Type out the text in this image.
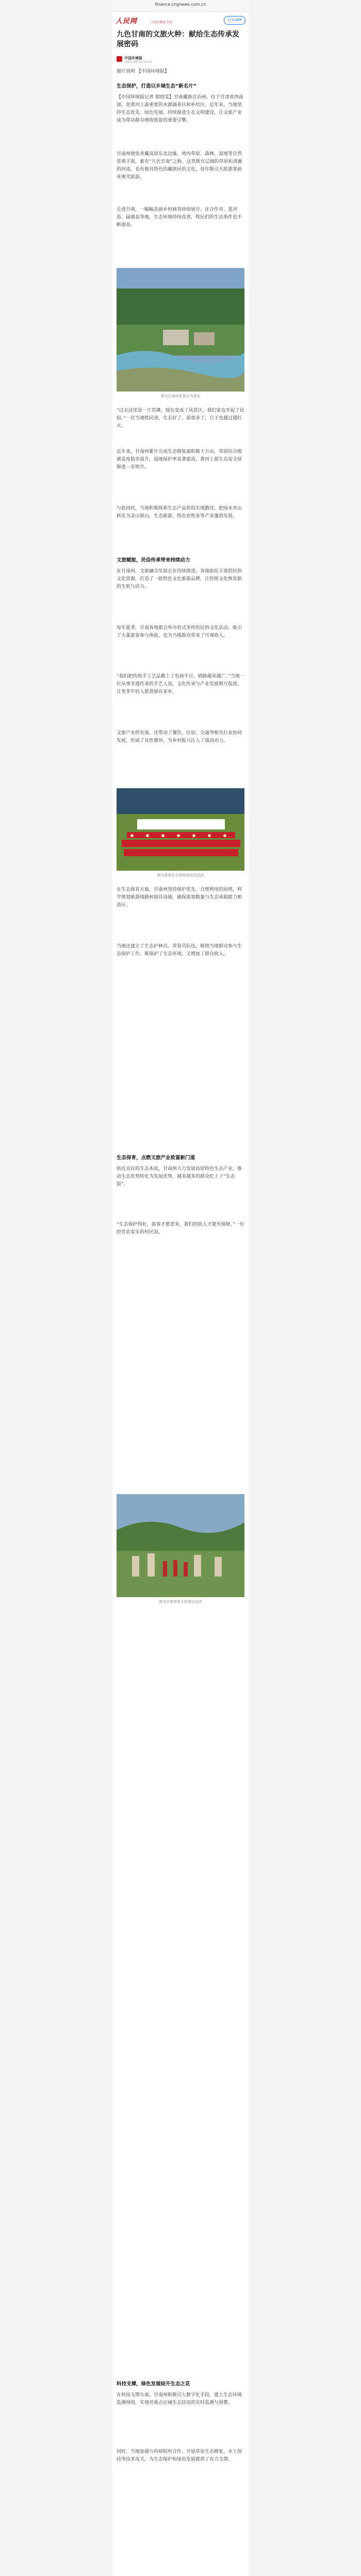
finance.cngnews.com.cn
人民网	人民日报社主办
打开APP
九色甘南的文旅火种：献给生态传承发展密码
中国环境报
2023-08-22 09:20

图片说明 【中国环境报】

生态保护，打造以乡域生态“新名片”

【中国环境报记者 郭晓雯】甘南藏族自治州，位于甘肃省西南部，是黄河上游重要的水源涵养区和补给区。近年来，当地坚持生态优先、绿色发展，持续推进生态文明建设，让文旅产业成为带动群众增收致富的重要引擎。

甘南州地处青藏高原东北边缘，境内草原、森林、湿地等自然景观丰富，素有“九色甘南”之称。这里既有辽阔的草原和清澈的河流，也有独具特色的藏族民俗文化，每年吸引大批游客前来观光旅游。

走进甘南，一幅幅美丽乡村画卷徐徐展开。在合作市、夏河县、碌曲县等地，生态环境持续改善，牧民们的生活条件也不断提高。

图为甘南州某景区内景色

“过去这里是一片荒滩，现在变成了风景区，我们家也开起了民宿。”一位当地牧民说，生态好了，游客多了，日子也越过越红火。

近年来，甘南州累计完成生态修复面积数十万亩，草原综合植被盖度稳步提升，湿地保护率显著提高，黄河上游生态安全屏障进一步筑牢。

与此同时，当地积极探索生态产品价值实现路径，把绿水青山转化为金山银山，生态旅游、特色农牧业等产业蓬勃发展。

文旅赋能，民俗传承带来持续动力

在甘南州，文旅融合发展正在持续推进。各地依托丰富的民俗文化资源，打造了一批特色文化旅游品牌，让传统文化焕发新的生机与活力。

每年夏季，甘南各地都会举办形式多样的民俗文化活动，吸引了大量游客参与体验，也为当地群众带来了可观收入。

“我们把传统手工艺品搬上了电商平台，销路越来越广。”当地一位从事非遗传承的手艺人说，文化传承与产业发展相互促进，让更多年轻人愿意留在家乡。

文旅产业的发展，还带动了餐饮、住宿、交通等相关行业协同发展，形成了良性循环，为乡村振兴注入了强劲动力。

图为游客在甘南参加民俗活动

在生态保育方面，甘南州坚持保护优先、合理利用的原则，科学规划旅游线路和接待设施，确保游客数量与生态承载能力相适应。

当地还建立了生态护林员、草管员队伍，吸纳当地群众参与生态保护工作，既保护了生态环境，又增加了群众收入。

生态保育，点燃文旅产业致富新门道

依托良好的生态本底，甘南州大力发展高原特色生态产业，推动生态优势转化为发展优势，越来越多的群众吃上了“生态饭”。

“生态保护得好，游客才愿意来，我们的收入才能有保障。”一位经营农家乐的村民说。

图为甘南草原上的演出活动
科技支撑，绿色发展绽开生态之花

在科技支撑方面，甘南州积极引入数字化手段，建立生态环境监测网络，实现对重点区域生态状况的实时监测与预警。

同时，当地加强与科研院所合作，开展草原生态修复、水土保持等技术攻关，为生态保护和绿色发展提供了有力支撑。
